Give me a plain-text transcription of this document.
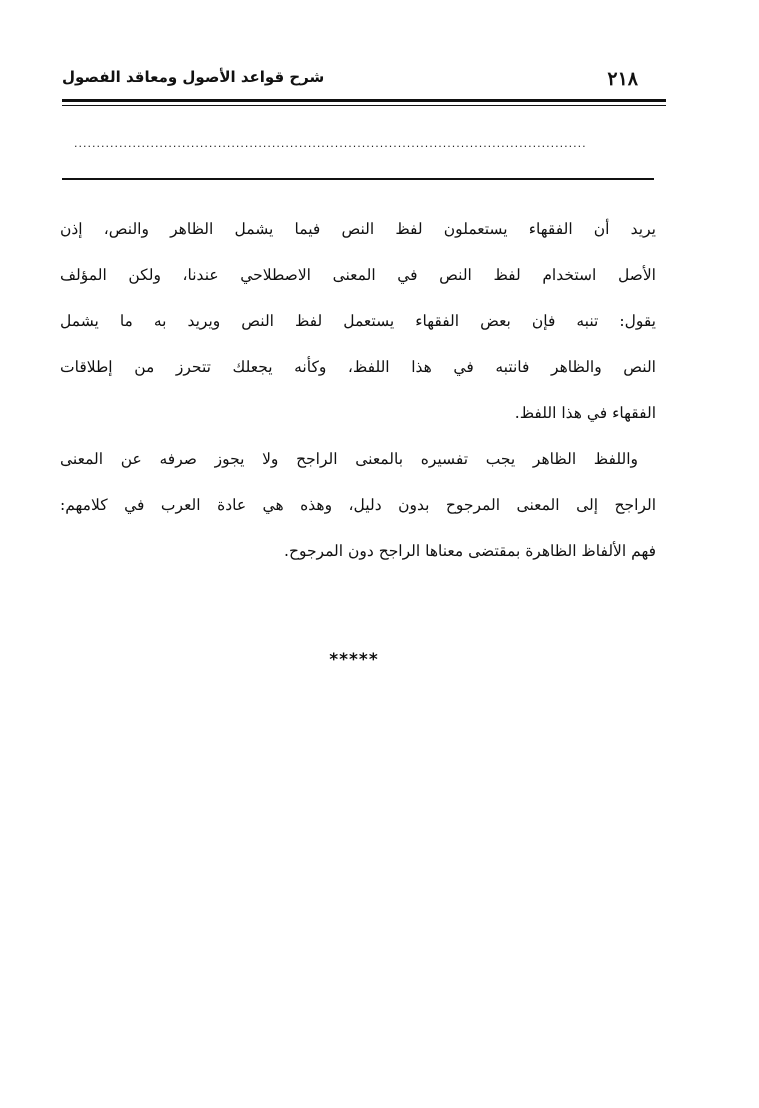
٢١٨
شرح قواعد الأصول ومعاقد الفصول
..................................................................................................................
يريد أن الفقهاء يستعملون لفظ النص فيما يشمل الظاهر والنص، إذن
الأصل استخدام لفظ النص في المعنى الاصطلاحي عندنا، ولكن المؤلف
يقول: تنبه فإن بعض الفقهاء يستعمل لفظ النص ويريد به ما يشمل
النص والظاهر فانتبه في هذا اللفظ، وكأنه يجعلك تتحرز من إطلاقات
الفقهاء في هذا اللفظ.
واللفظ الظاهر يجب تفسيره بالمعنى الراجح ولا يجوز صرفه عن المعنى
الراجح إلى المعنى المرجوح بدون دليل، وهذه هي عادة العرب في كلامهم:
فهم الألفاظ الظاهرة بمقتضى معناها الراجح دون المرجوح.
*****
